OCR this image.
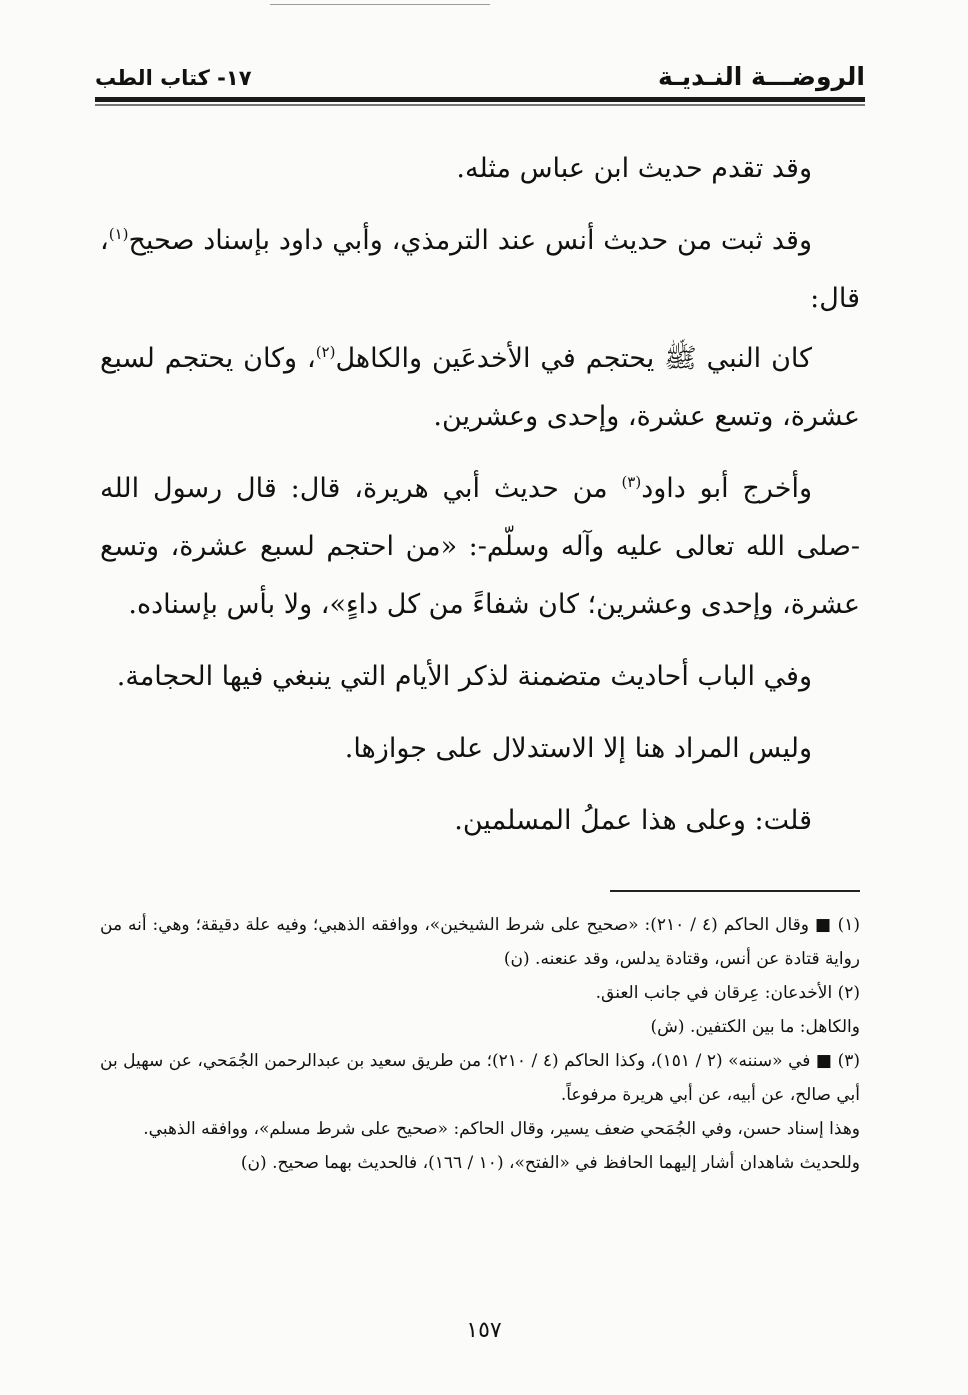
الروضـــة النـديـة
١٧- كتاب الطب

وقد تقدم حديث ابن عباس مثله.

وقد ثبت من حديث أنس عند الترمذي، وأبي داود بإسناد صحيح$^{(١)}$، قال:

كان النبي ﷺ يحتجم في الأخدعَين والكاهل$^{(٢)}$، وكان يحتجم لسبع عشرة، وتسع عشرة، وإحدى وعشرين.

وأخرج أبو داود$^{(٣)}$ من حديث أبي هريرة، قال: قال رسول الله -صلى الله تعالى عليه وآله وسلّم-: «من احتجم لسبع عشرة، وتسع عشرة، وإحدى وعشرين؛ كان شفاءً من كل داءٍ»، ولا بأس بإسناده.

وفي الباب أحاديث متضمنة لذكر الأيام التي ينبغي فيها الحجامة.

وليس المراد هنا إلا الاستدلال على جوازها.

قلت: وعلى هذا عملُ المسلمين.

(١) ■ وقال الحاكم (٤ / ٢١٠): «صحيح على شرط الشيخين»، ووافقه الذهبي؛ وفيه علة دقيقة؛ وهي: أنه من رواية قتادة عن أنس، وقتادة يدلس، وقد عنعنه. (ن)

(٢) الأخدعان: عِرقان في جانب العنق.

والكاهل: ما بين الكتفين. (ش)

(٣) ■ في «سننه» (٢ / ١٥١)، وكذا الحاكم (٤ / ٢١٠)؛ من طريق سعيد بن عبدالرحمن الجُمَحي، عن سهيل بن أبي صالح، عن أبيه، عن أبي هريرة مرفوعاً.

وهذا إسناد حسن، وفي الجُمَحي ضعف يسير، وقال الحاكم: «صحيح على شرط مسلم»، ووافقه الذهبي.

وللحديث شاهدان أشار إليهما الحافظ في «الفتح»، (١٠ / ١٦٦)، فالحديث بهما صحيح. (ن)

١٥٧
